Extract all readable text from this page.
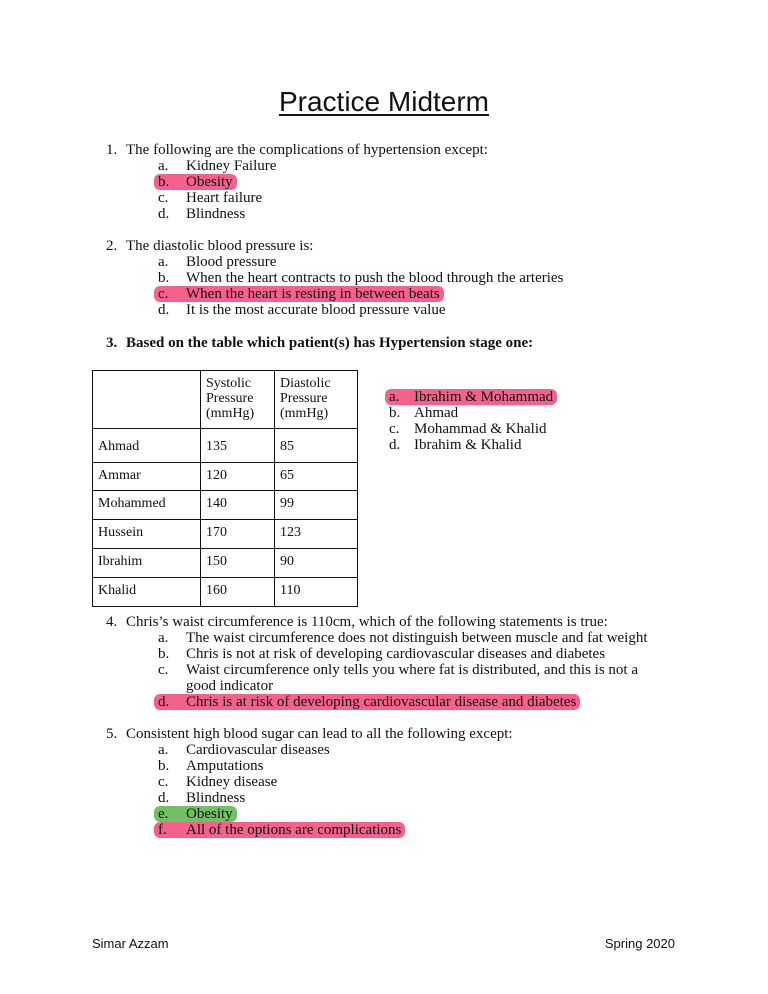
Practice Midterm
1. The following are the complications of hypertension except:
a.	Kidney Failure
b.	Obesity
c.	Heart failure
d.	Blindness
2. The diastolic blood pressure is:
a.	Blood pressure
b.	When the heart contracts to push the blood through the arteries
c.	When the heart is resting in between beats
d.	It is the most accurate blood pressure value
3. Based on the table which patient(s) has Hypertension stage one:
	Systolic Pressure (mmHg)	Diastolic Pressure (mmHg)
Ahmad	135	85
Ammar	120	65
Mohammed	140	99
Hussein	170	123
Ibrahim	150	90
Khalid	160	110
a. Ibrahim & Mohammad
b. Ahmad
c. Mohammad & Khalid
d. Ibrahim & Khalid
4. Chris’s waist circumference is 110cm, which of the following statements is true:
a.	The waist circumference does not distinguish between muscle and fat weight
b.	Chris is not at risk of developing cardiovascular diseases and diabetes
c.	Waist circumference only tells you where fat is distributed, and this is not a good indicator
d.	Chris is at risk of developing cardiovascular disease and diabetes
5. Consistent high blood sugar can lead to all the following except:
a.	Cardiovascular diseases
b.	Amputations
c.	Kidney disease
d.	Blindness
e.	Obesity
f.	All of the options are complications
Simar Azzam	Spring 2020
